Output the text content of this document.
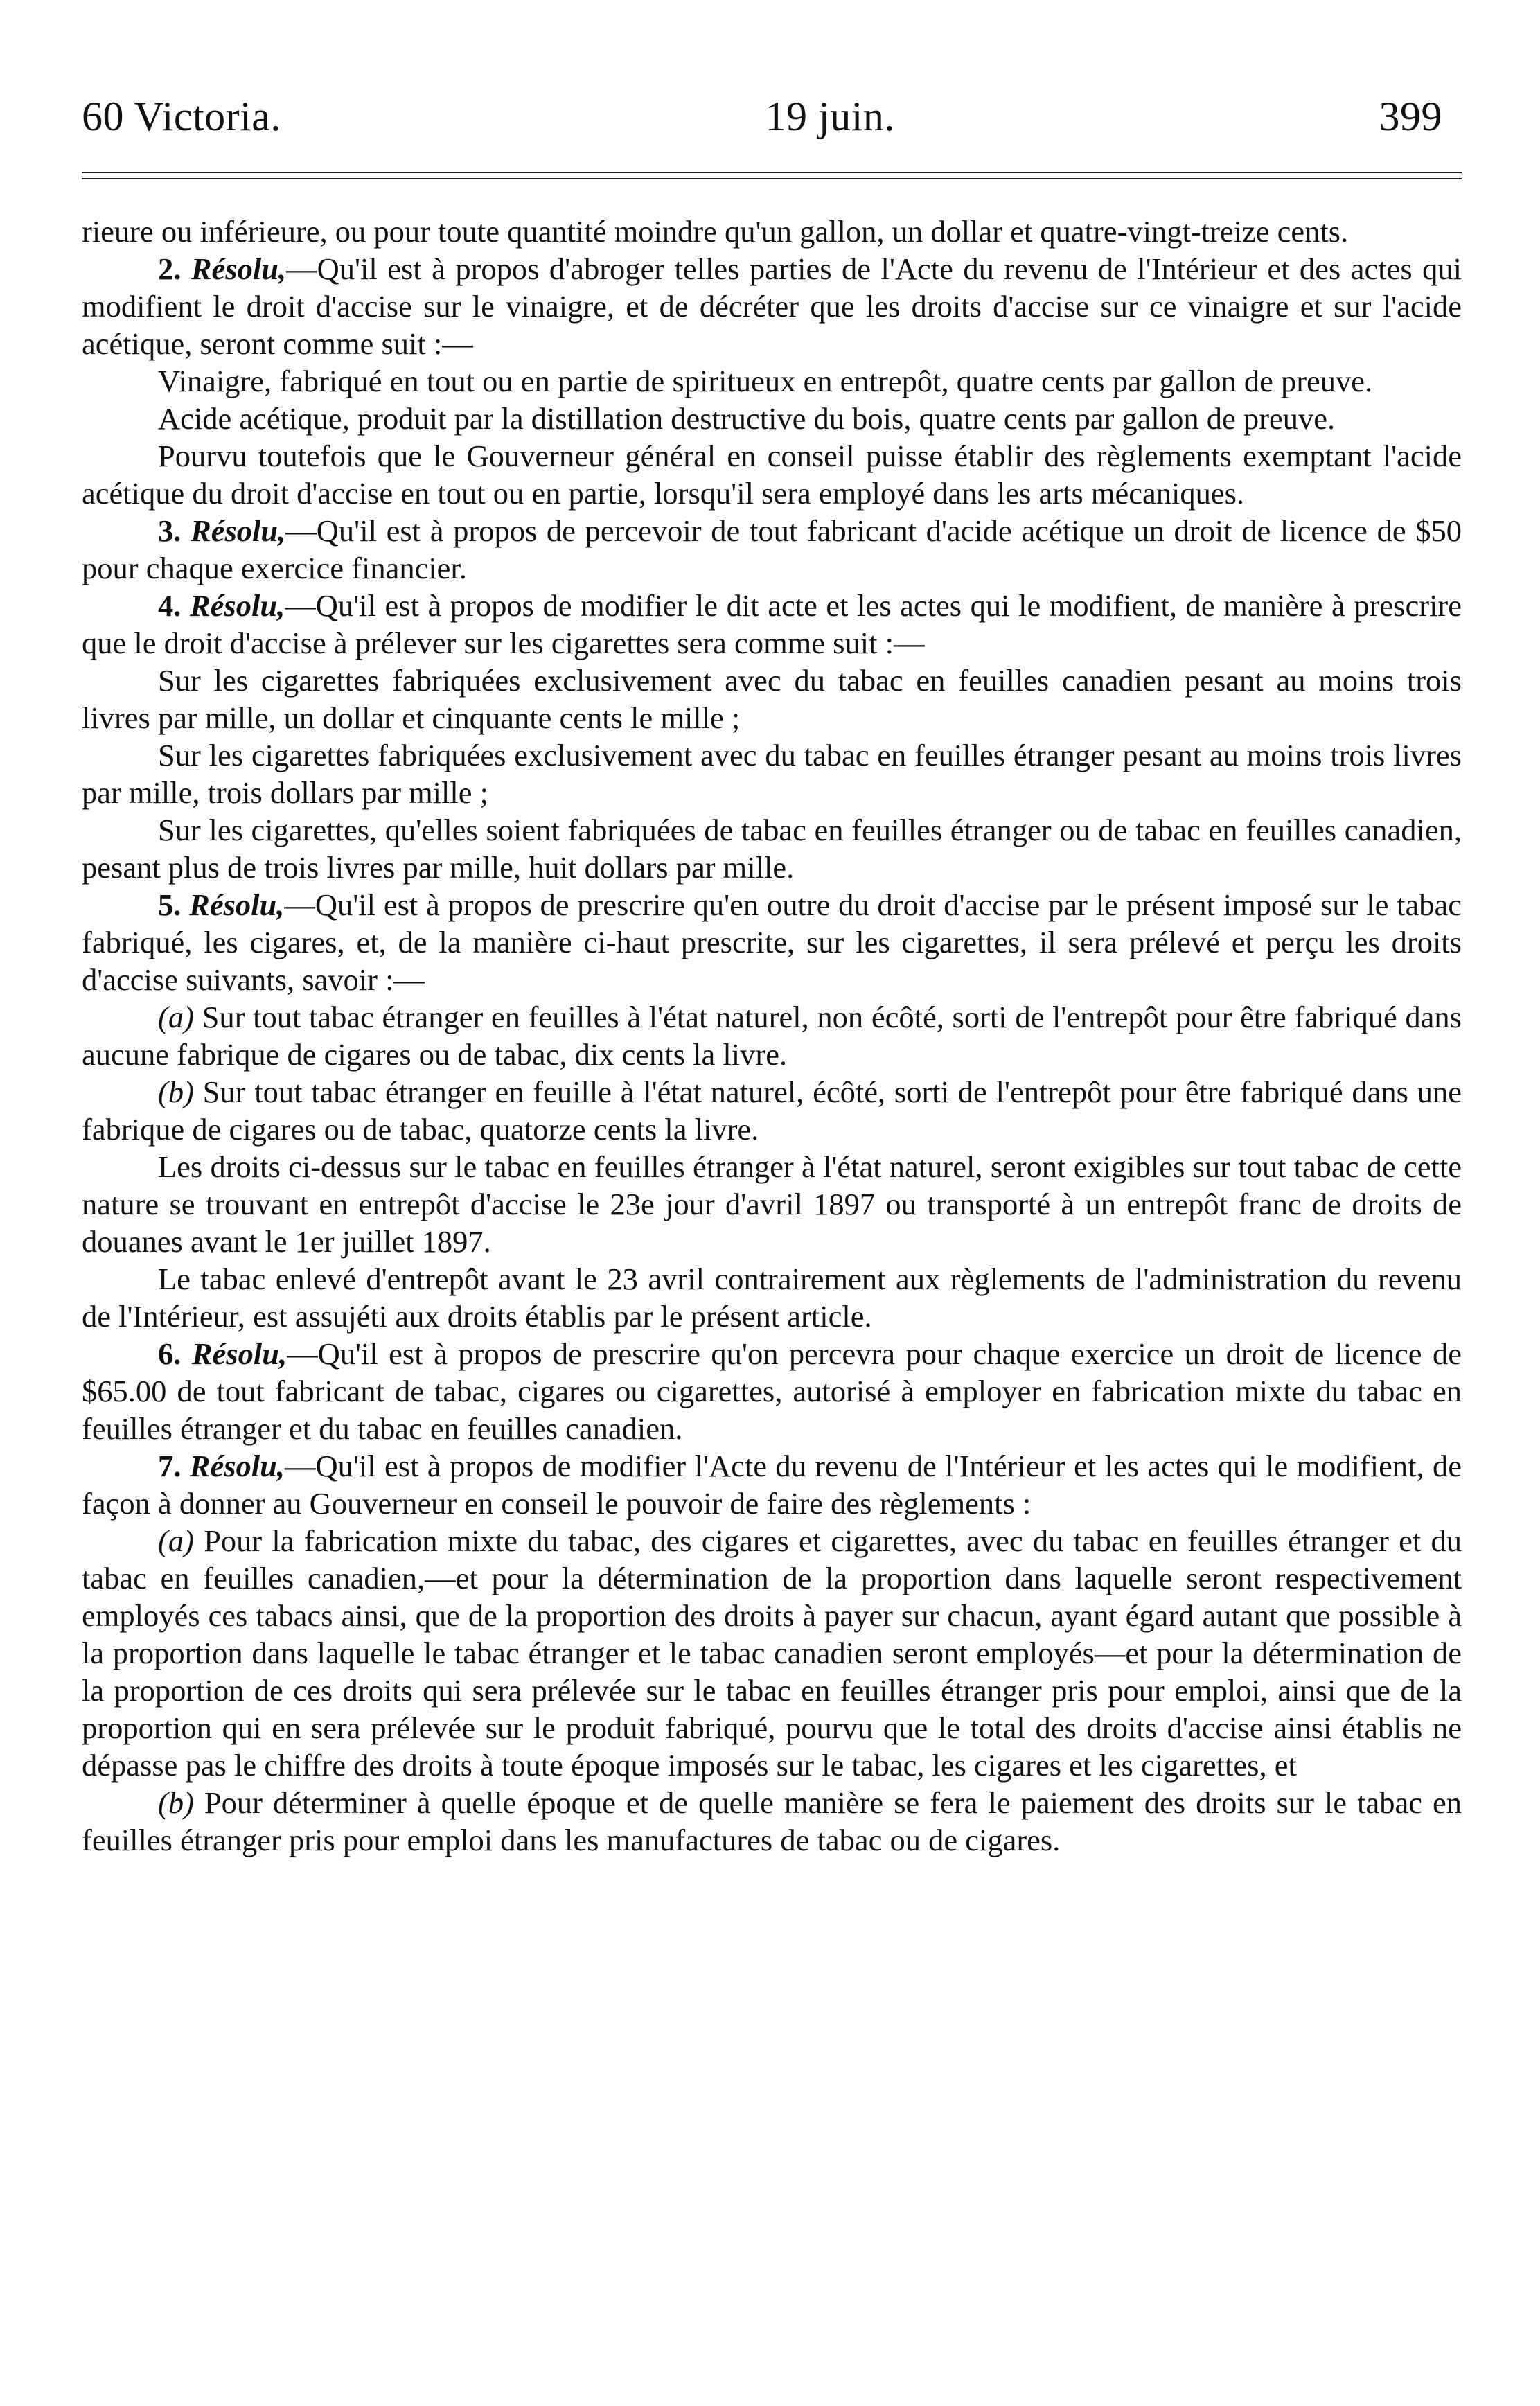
60 Victoria.	19 juin.	399

rieure ou inférieure, ou pour toute quantité moindre qu'un gallon, un dollar et quatre-vingt-treize cents.

2. Résolu,—Qu'il est à propos d'abroger telles parties de l'Acte du revenu de l'Intérieur et des actes qui modifient le droit d'accise sur le vinaigre, et de décréter que les droits d'accise sur ce vinaigre et sur l'acide acétique, seront comme suit :—

Vinaigre, fabriqué en tout ou en partie de spiritueux en entrepôt, quatre cents par gallon de preuve.

Acide acétique, produit par la distillation destructive du bois, quatre cents par gallon de preuve.

Pourvu toutefois que le Gouverneur général en conseil puisse établir des règlements exemptant l'acide acétique du droit d'accise en tout ou en partie, lorsqu'il sera employé dans les arts mécaniques.

3. Résolu,—Qu'il est à propos de percevoir de tout fabricant d'acide acétique un droit de licence de $50 pour chaque exercice financier.

4. Résolu,—Qu'il est à propos de modifier le dit acte et les actes qui le modifient, de manière à prescrire que le droit d'accise à prélever sur les cigarettes sera comme suit :—

Sur les cigarettes fabriquées exclusivement avec du tabac en feuilles canadien pesant au moins trois livres par mille, un dollar et cinquante cents le mille ;

Sur les cigarettes fabriquées exclusivement avec du tabac en feuilles étranger pesant au moins trois livres par mille, trois dollars par mille ;

Sur les cigarettes, qu'elles soient fabriquées de tabac en feuilles étranger ou de tabac en feuilles canadien, pesant plus de trois livres par mille, huit dollars par mille.

5. Résolu,—Qu'il est à propos de prescrire qu'en outre du droit d'accise par le présent imposé sur le tabac fabriqué, les cigares, et, de la manière ci-haut prescrite, sur les cigarettes, il sera prélevé et perçu les droits d'accise suivants, savoir :—

(a) Sur tout tabac étranger en feuilles à l'état naturel, non écôté, sorti de l'entrepôt pour être fabriqué dans aucune fabrique de cigares ou de tabac, dix cents la livre.

(b) Sur tout tabac étranger en feuille à l'état naturel, écôté, sorti de l'entrepôt pour être fabriqué dans une fabrique de cigares ou de tabac, quatorze cents la livre.

Les droits ci-dessus sur le tabac en feuilles étranger à l'état naturel, seront exigibles sur tout tabac de cette nature se trouvant en entrepôt d'accise le 23e jour d'avril 1897 ou transporté à un entrepôt franc de droits de douanes avant le 1er juillet 1897.

Le tabac enlevé d'entrepôt avant le 23 avril contrairement aux règlements de l'administration du revenu de l'Intérieur, est assujéti aux droits établis par le présent article.

6. Résolu,—Qu'il est à propos de prescrire qu'on percevra pour chaque exercice un droit de licence de $65.00 de tout fabricant de tabac, cigares ou cigarettes, autorisé à employer en fabrication mixte du tabac en feuilles étranger et du tabac en feuilles canadien.

7. Résolu,—Qu'il est à propos de modifier l'Acte du revenu de l'Intérieur et les actes qui le modifient, de façon à donner au Gouverneur en conseil le pouvoir de faire des règlements :

(a) Pour la fabrication mixte du tabac, des cigares et cigarettes, avec du tabac en feuilles étranger et du tabac en feuilles canadien,—et pour la détermination de la proportion dans laquelle seront respectivement employés ces tabacs ainsi, que de la proportion des droits à payer sur chacun, ayant égard autant que possible à la proportion dans laquelle le tabac étranger et le tabac canadien seront employés—et pour la détermination de la proportion de ces droits qui sera prélevée sur le tabac en feuilles étranger pris pour emploi, ainsi que de la proportion qui en sera prélevée sur le produit fabriqué, pourvu que le total des droits d'accise ainsi établis ne dépasse pas le chiffre des droits à toute époque imposés sur le tabac, les cigares et les cigarettes, et

(b) Pour déterminer à quelle époque et de quelle manière se fera le paiement des droits sur le tabac en feuilles étranger pris pour emploi dans les manufactures de tabac ou de cigares.
